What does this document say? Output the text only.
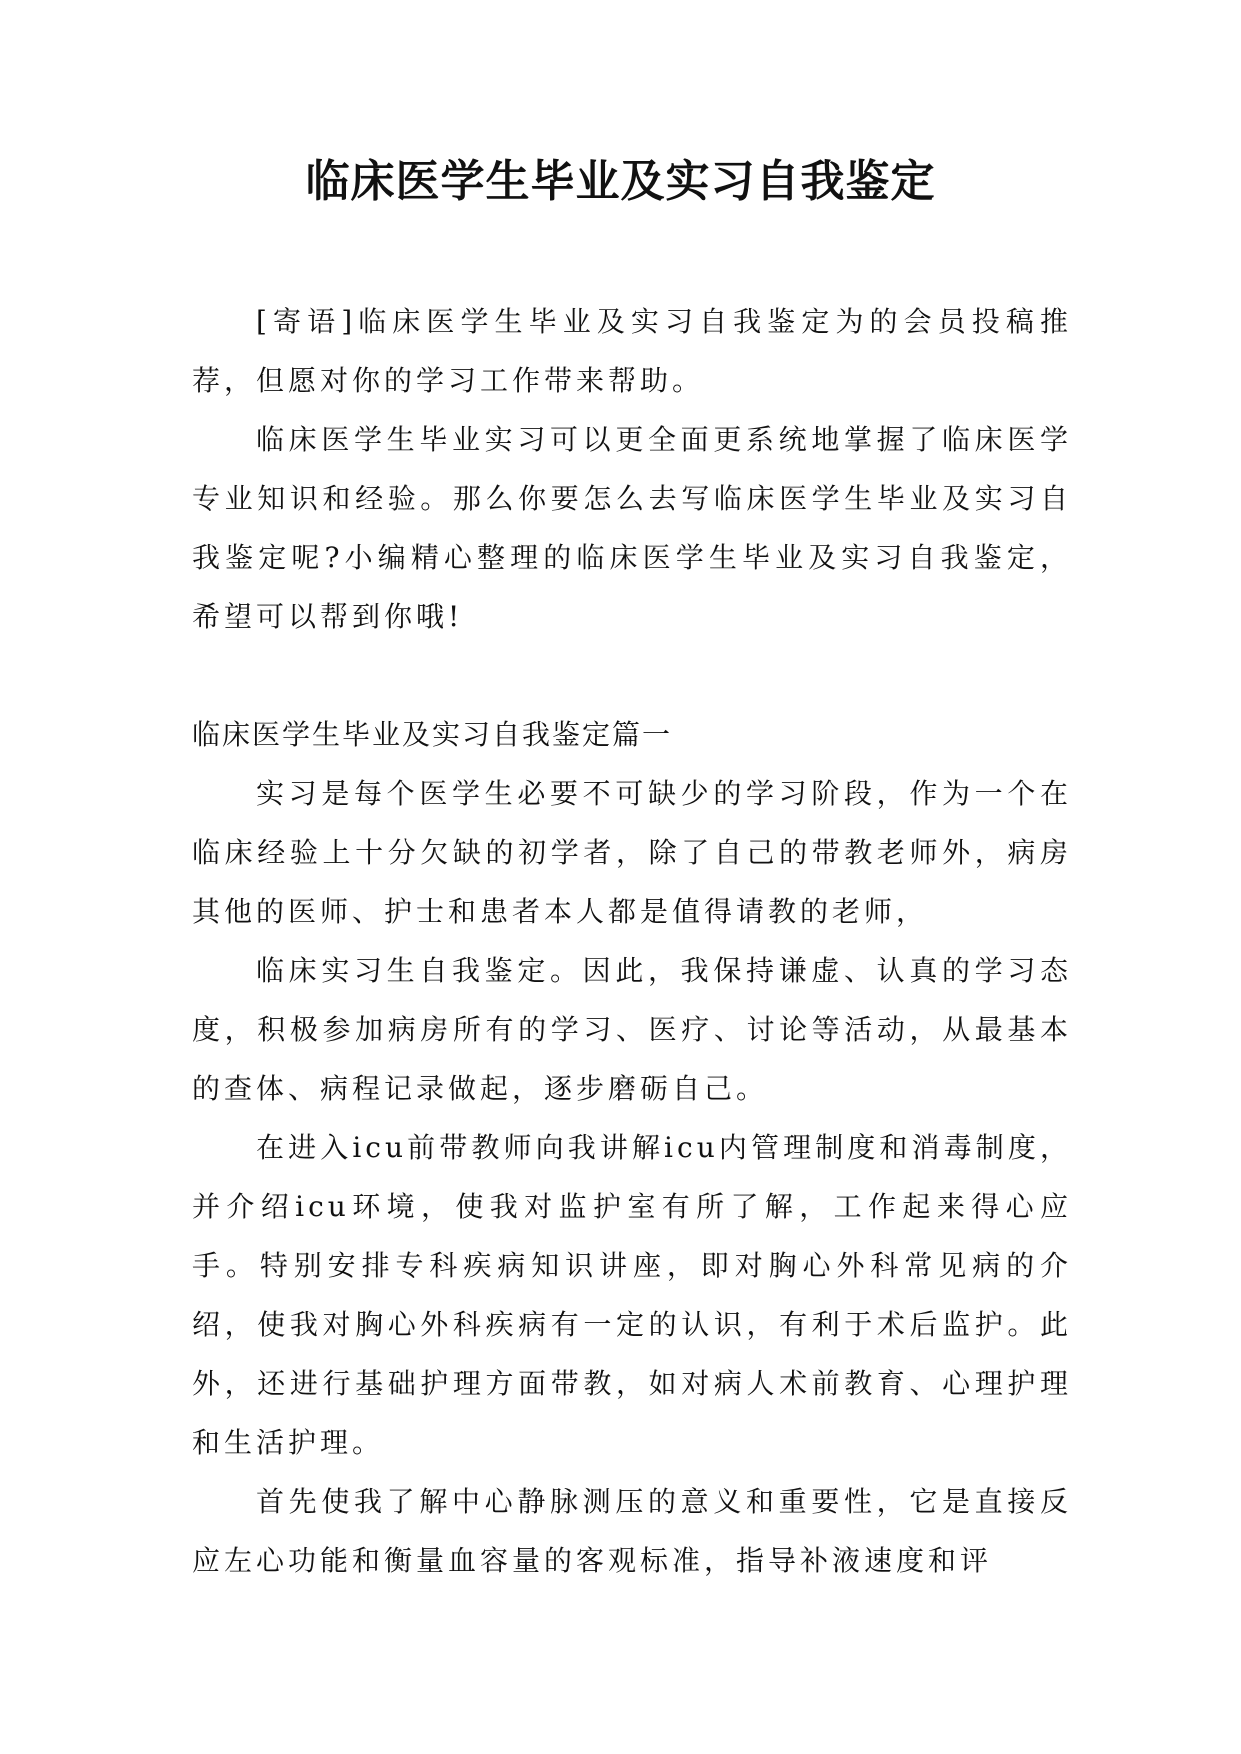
临床医学生毕业及实习自我鉴定

[寄语]临床医学生毕业及实习自我鉴定为的会员投稿推荐，但愿对你的学习工作带来帮助。

临床医学生毕业实习可以更全面更系统地掌握了临床医学专业知识和经验。那么你要怎么去写临床医学生毕业及实习自我鉴定呢?小编精心整理的临床医学生毕业及实习自我鉴定，希望可以帮到你哦!

临床医学生毕业及实习自我鉴定篇一

实习是每个医学生必要不可缺少的学习阶段，作为一个在临床经验上十分欠缺的初学者，除了自己的带教老师外，病房其他的医师、护士和患者本人都是值得请教的老师，

临床实习生自我鉴定。因此，我保持谦虚、认真的学习态度，积极参加病房所有的学习、医疗、讨论等活动，从最基本的查体、病程记录做起，逐步磨砺自己。

在进入icu前带教师向我讲解icu内管理制度和消毒制度，并介绍icu环境，使我对监护室有所了解，工作起来得心应手。特别安排专科疾病知识讲座，即对胸心外科常见病的介绍，使我对胸心外科疾病有一定的认识，有利于术后监护。此外，还进行基础护理方面带教，如对病人术前教育、心理护理和生活护理。

首先使我了解中心静脉测压的意义和重要性，它是直接反应左心功能和衡量血容量的客观标准，指导补液速度和评
